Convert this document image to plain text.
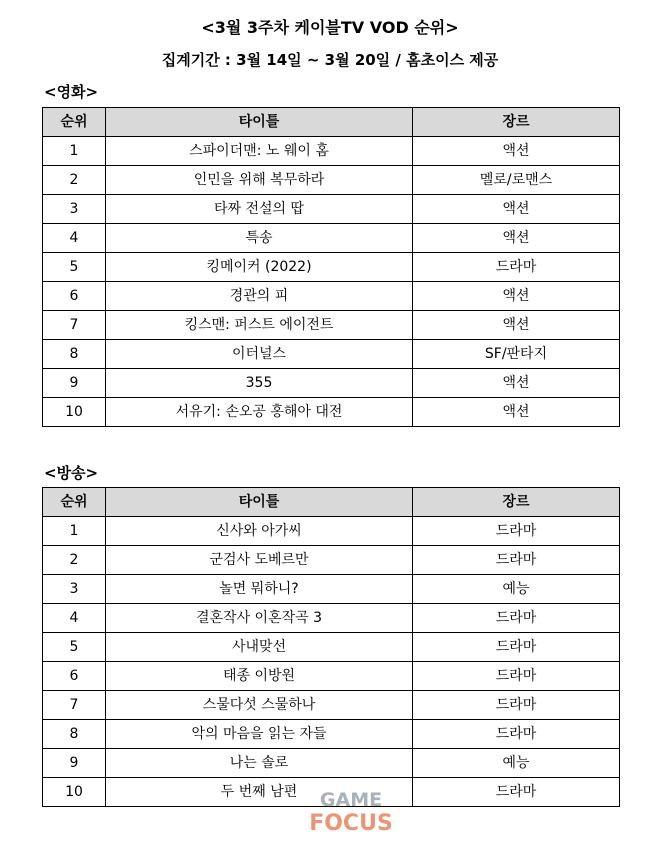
<3월 3주차 케이블TV VOD 순위>
집계기간 : 3월 14일 ~ 3월 20일 / 홈초이스 제공
<영화>
순위	타이틀	장르
1	스파이더맨: 노 웨이 홈	액션
2	인민을 위해 복무하라	멜로/로맨스
3	타짜 전설의 땁	액션
4	특송	액션
5	킹메이커 (2022)	드라마
6	경관의 피	액션
7	킹스맨: 퍼스트 에이전트	액션
8	이터널스	SF/판타지
9	355	액션
10	서유기: 손오공 홍해아 대전	액션
<방송>
순위	타이틀	장르
1	신사와 아가씨	드라마
2	군검사 도베르만	드라마
3	놀면 뭐하니?	예능
4	결혼작사 이혼작곡 3	드라마
5	사내맞선	드라마
6	태종 이방원	드라마
7	스물다섯 스물하나	드라마
8	악의 마음을 읽는 자들	드라마
9	나는 솔로	예능
10	두 번째 남편	드라마
GAME
FOCUS
